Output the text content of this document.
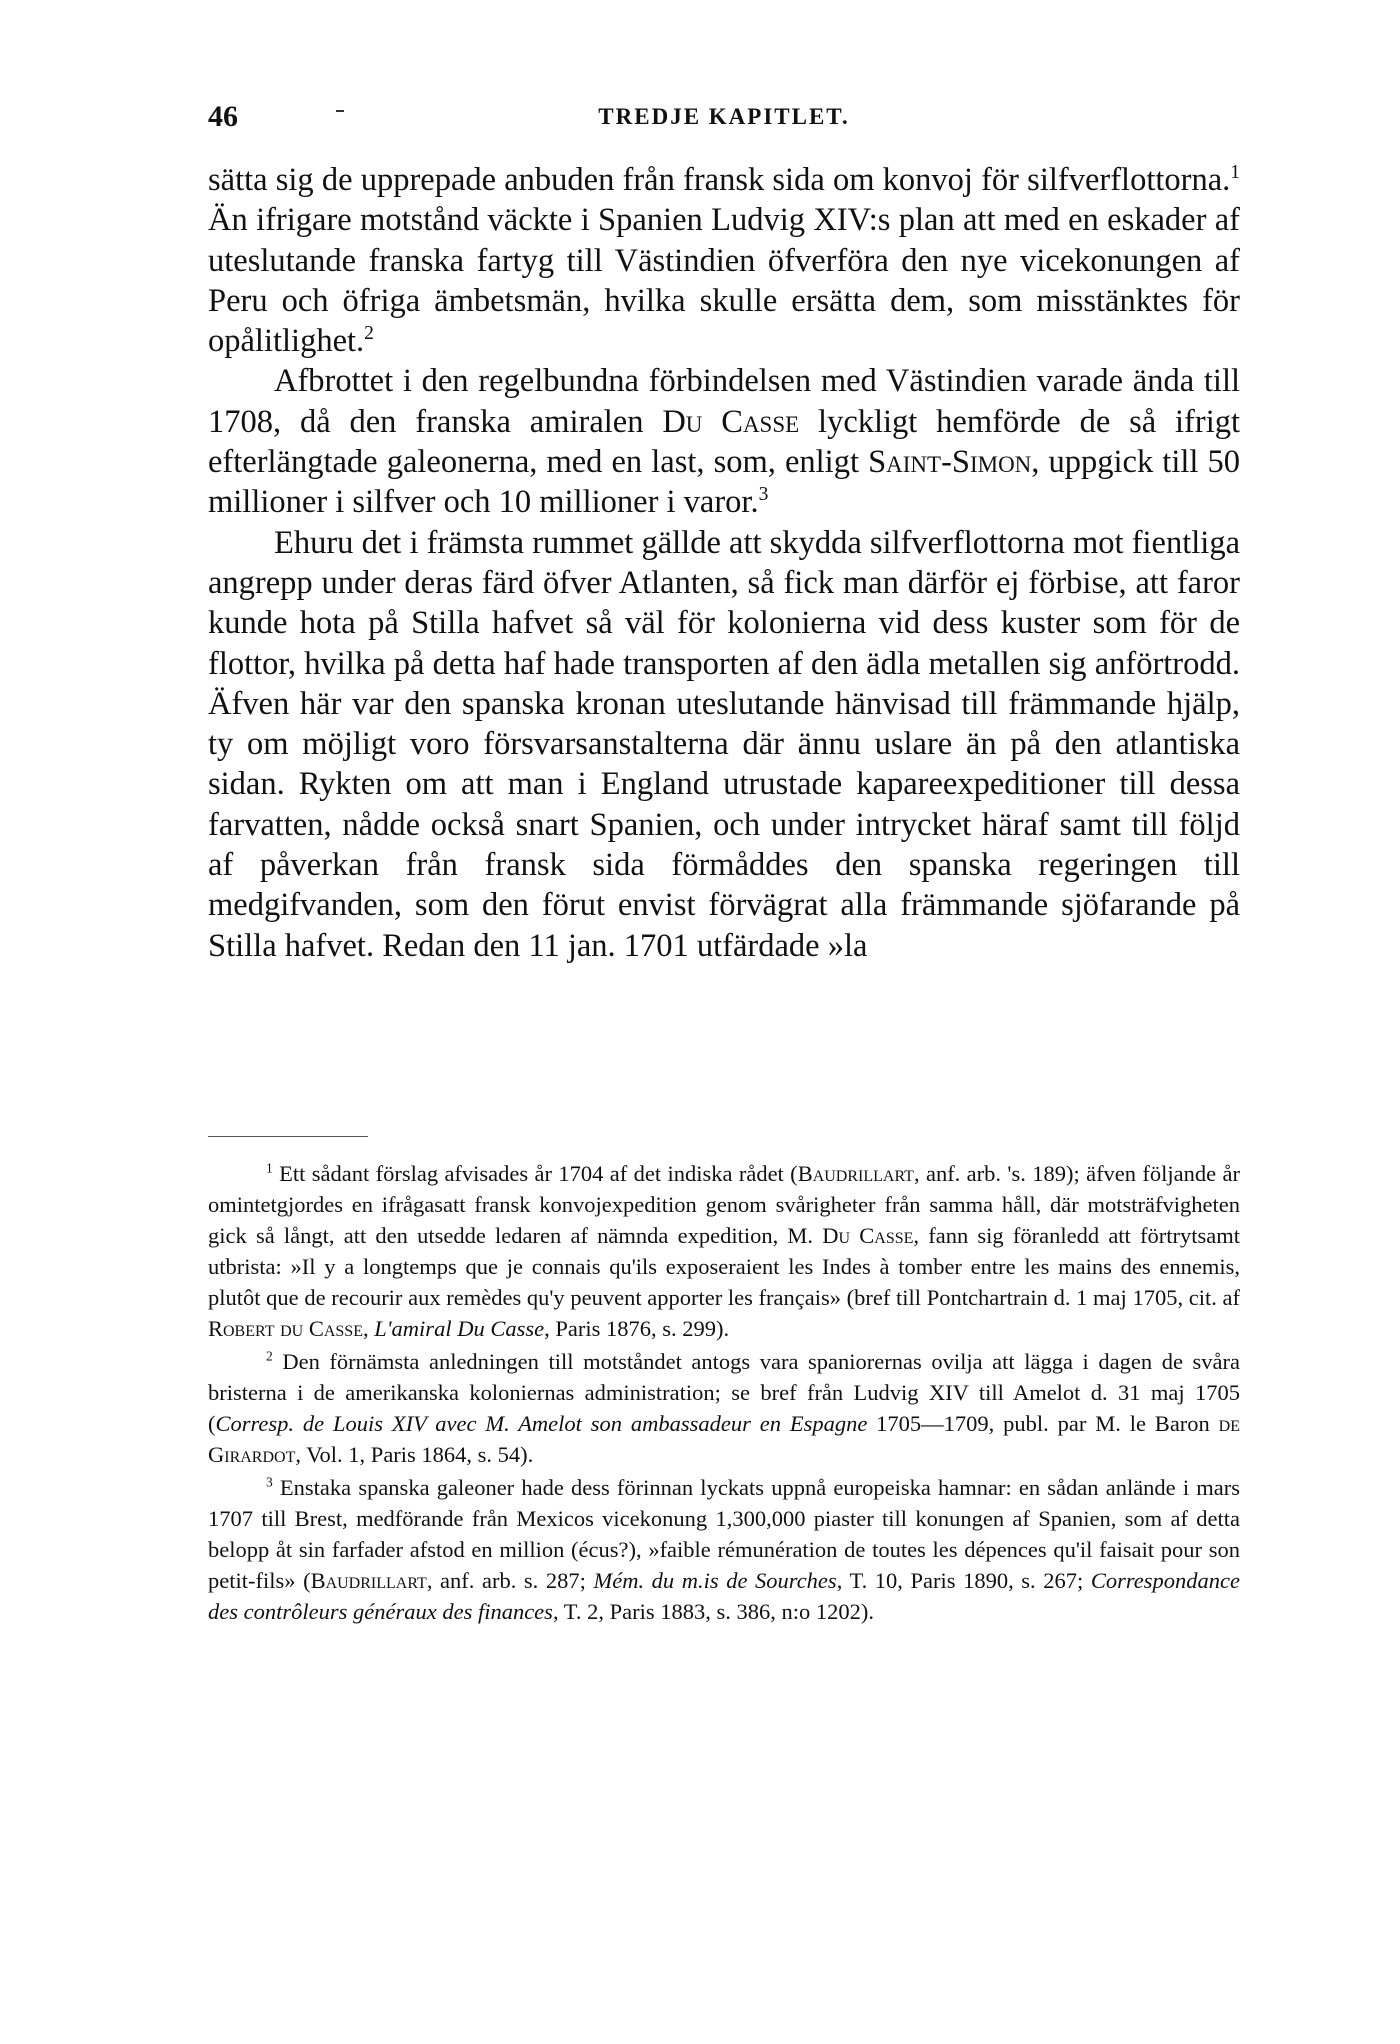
46	TREDJE KAPITLET.

sätta sig de upprepade anbuden från fransk sida om konvoj för silfverflottorna.$^1$ Än ifrigare motstånd väckte i Spanien Ludvig XIV:s plan att med en eskader af uteslutande franska fartyg till Västindien öfverföra den nye vicekonungen af Peru och öfriga ämbetsmän, hvilka skulle ersätta dem, som misstänktes för opålitlighet.$^2$

Afbrottet i den regelbundna förbindelsen med Västindien varade ända till 1708, då den franska amiralen Du Casse lyckligt hemförde de så ifrigt efterlängtade galeonerna, med en last, som, enligt Saint-Simon, uppgick till 50 millioner i silfver och 10 millioner i varor.$^3$

Ehuru det i främsta rummet gällde att skydda silfverflottorna mot fientliga angrepp under deras färd öfver Atlanten, så fick man därför ej förbise, att faror kunde hota på Stilla hafvet så väl för kolonierna vid dess kuster som för de flottor, hvilka på detta haf hade transporten af den ädla metallen sig anförtrodd. Äfven här var den spanska kronan uteslutande hänvisad till främmande hjälp, ty om möjligt voro försvarsanstalterna där ännu uslare än på den atlantiska sidan. Rykten om att man i England utrustade kapareexpeditioner till dessa farvatten, nådde också snart Spanien, och under intrycket häraf samt till följd af påverkan från fransk sida förmåddes den spanska regeringen till medgifvanden, som den förut envist förvägrat alla främmande sjöfarande på Stilla hafvet. Redan den 11 jan. 1701 utfärdade »la

$^1$ Ett sådant förslag afvisades år 1704 af det indiska rådet (Baudrillart, anf. arb. 's. 189); äfven följande år omintetgjordes en ifrågasatt fransk konvojexpedition genom svårigheter från samma håll, där motsträfvigheten gick så långt, att den utsedde ledaren af nämnda expedition, M. Du Casse, fann sig föranledd att förtrytsamt utbrista: »Il y a longtemps que je connais qu'ils exposeraient les Indes à tomber entre les mains des ennemis, plutôt que de recourir aux remèdes qu'y peuvent apporter les français» (bref till Pontchartrain d. 1 maj 1705, cit. af Robert du Casse, L'amiral Du Casse, Paris 1876, s. 299).

$^2$ Den förnämsta anledningen till motståndet antogs vara spaniorernas ovilja att lägga i dagen de svåra bristerna i de amerikanska koloniernas administration; se bref från Ludvig XIV till Amelot d. 31 maj 1705 (Corresp. de Louis XIV avec M. Amelot son ambassadeur en Espagne 1705—1709, publ. par M. le Baron de Girardot, Vol. 1, Paris 1864, s. 54).

$^3$ Enstaka spanska galeoner hade dess förinnan lyckats uppnå europeiska hamnar: en sådan anlände i mars 1707 till Brest, medförande från Mexicos vicekonung 1,300,000 piaster till konungen af Spanien, som af detta belopp åt sin farfader afstod en million (écus?), »faible rémunération de toutes les dépences qu'il faisait pour son petit-fils» (Baudrillart, anf. arb. s. 287; Mém. du m.is de Sourches, T. 10, Paris 1890, s. 267; Correspondance des contrôleurs généraux des finances, T. 2, Paris 1883, s. 386, n:o 1202).
